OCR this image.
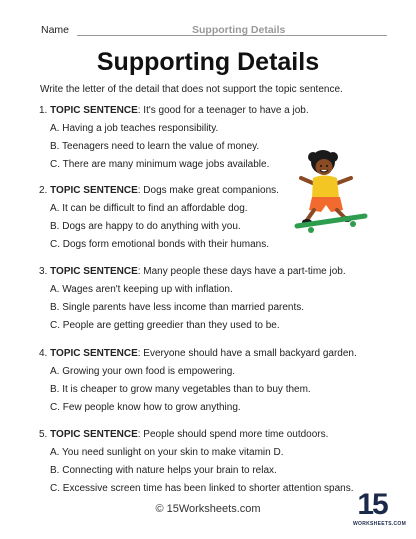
Name	Supporting Details
Supporting Details
Write the letter of the detail that does not support the topic sentence.
1. TOPIC SENTENCE: It's good for a teenager to have a job.
A. Having a job teaches responsibility.
B. Teenagers need to learn the value of money.
C. There are many minimum wage jobs available.
2. TOPIC SENTENCE: Dogs make great companions.
A. It can be difficult to find an affordable dog.
B. Dogs are happy to do anything with you.
C. Dogs form emotional bonds with their humans.
3. TOPIC SENTENCE: Many people these days have a part-time job.
A. Wages aren't keeping up with inflation.
B. Single parents have less income than married parents.
C. People are getting greedier than they used to be.
4. TOPIC SENTENCE: Everyone should have a small backyard garden.
A. Growing your own food is empowering.
B. It is cheaper to grow many vegetables than to buy them.
C. Few people know how to grow anything.
5. TOPIC SENTENCE: People should spend more time outdoors.
A. You need sunlight on your skin to make vitamin D.
B. Connecting with nature helps your brain to relax.
C. Excessive screen time has been linked to shorter attention spans.
© 15Worksheets.com	15
WORKSHEETS.COM
